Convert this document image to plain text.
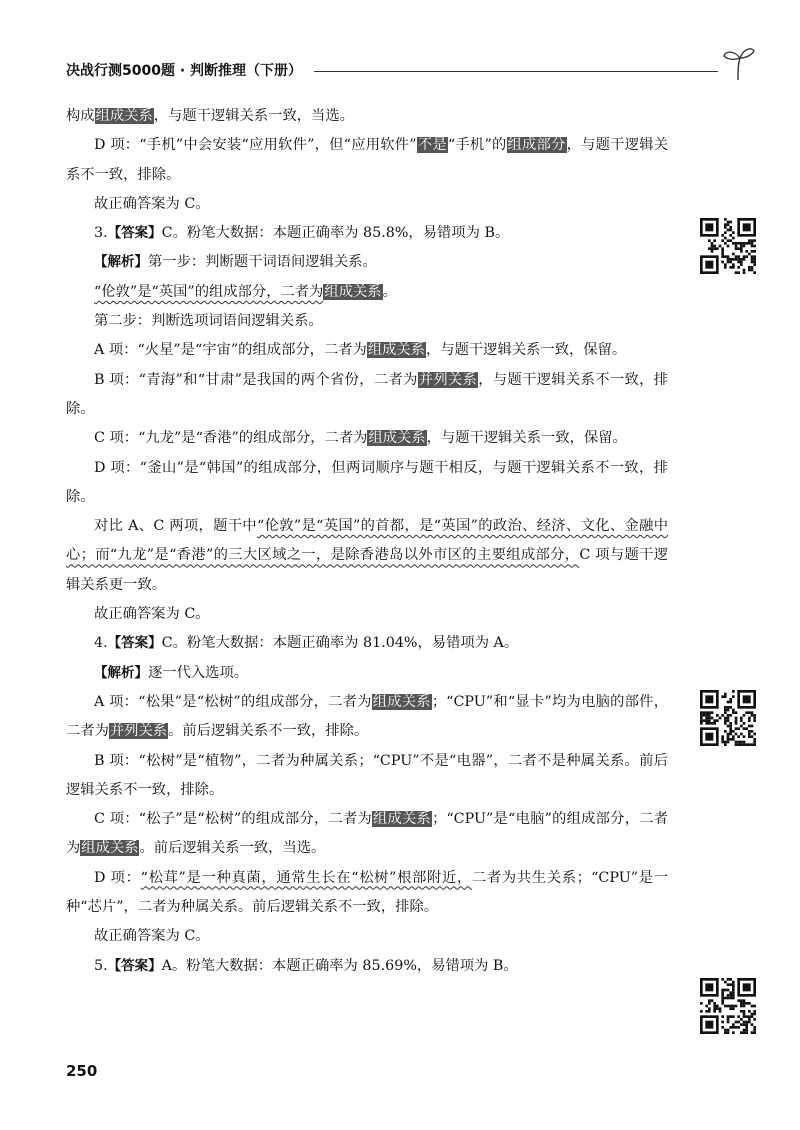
决战行测5000题 · 判断推理（下册）

构成组成关系，与题干逻辑关系一致，当选。

D 项：“手机”中会安装“应用软件”，但“应用软件”不是“手机”的组成部分，与题干逻辑关系不一致，排除。

故正确答案为 C。

3.【答案】C。粉笔大数据：本题正确率为 85.8%，易错项为 B。

【解析】第一步：判断题干词语间逻辑关系。

“伦敦”是“英国”的组成部分，二者为组成关系。

第二步：判断选项词语间逻辑关系。

A 项：“火星”是“宇宙”的组成部分，二者为组成关系，与题干逻辑关系一致，保留。

B 项：“青海”和“甘肃”是我国的两个省份，二者为并列关系，与题干逻辑关系不一致，排除。

C 项：“九龙”是“香港”的组成部分，二者为组成关系，与题干逻辑关系一致，保留。

D 项：“釜山”是“韩国”的组成部分，但两词顺序与题干相反，与题干逻辑关系不一致，排除。

对比 A、C 两项，题干中“伦敦”是“英国”的首都，是“英国”的政治、经济、文化、金融中心；而“九龙”是“香港”的三大区域之一，是除香港岛以外市区的主要组成部分，C 项与题干逻辑关系更一致。

故正确答案为 C。

4.【答案】C。粉笔大数据：本题正确率为 81.04%，易错项为 A。

【解析】逐一代入选项。

A 项：“松果”是“松树”的组成部分，二者为组成关系；“CPU”和“显卡”均为电脑的部件，二者为并列关系。前后逻辑关系不一致，排除。

B 项：“松树”是“植物”，二者为种属关系；“CPU”不是“电器”，二者不是种属关系。前后逻辑关系不一致，排除。

C 项：“松子”是“松树”的组成部分，二者为组成关系；“CPU”是“电脑”的组成部分，二者为组成关系。前后逻辑关系一致，当选。

D 项：“松茸”是一种真菌，通常生长在“松树”根部附近，二者为共生关系；“CPU”是一种“芯片”，二者为种属关系。前后逻辑关系不一致，排除。

故正确答案为 C。

5.【答案】A。粉笔大数据：本题正确率为 85.69%，易错项为 B。

250
